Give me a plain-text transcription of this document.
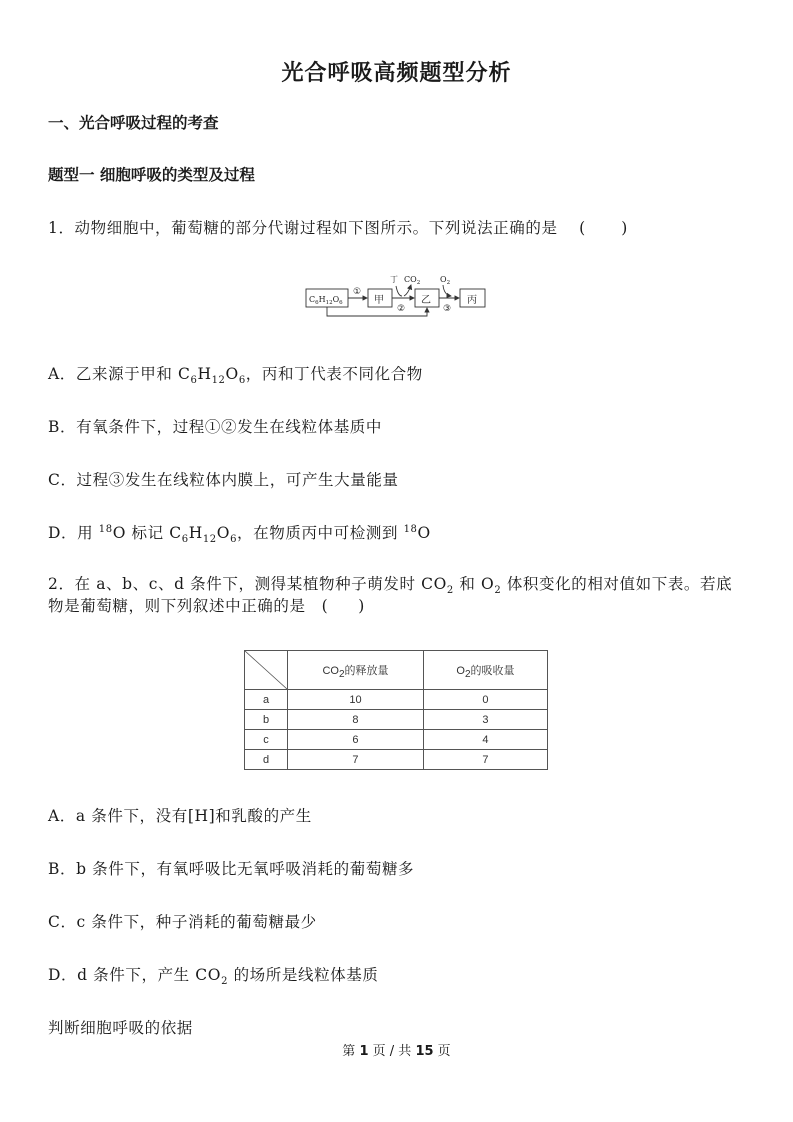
光合呼吸高频题型分析
一、光合呼吸过程的考查
题型一 细胞呼吸的类型及过程
1．动物细胞中，葡萄糖的部分代谢过程如下图所示。下列说法正确的是 ( )
$C_6H_{12}O_6$	甲	乙	丙
①
②	③
丁 $CO_2$ $O_2$
A．乙来源于甲和 $C_6H_{12}O_6$，丙和丁代表不同化合物
B．有氧条件下，过程①②发生在线粒体基质中
C．过程③发生在线粒体内膜上，可产生大量能量
D．用 $^{18}$O 标记 $C_6H_{12}O_6$，在物质丙中可检测到 $^{18}$O
2．在 a、b、c、d 条件下，测得某植物种子萌发时 $CO_2$ 和 $O_2$ 体积变化的相对值如下表。若底物是葡萄糖，则下列叙述中正确的是 ( )
	$CO_2$的释放量	$O_2$的吸收量
a	10	0
b	8	3
c	6	4
d	7	7
A．a 条件下，没有[H]和乳酸的产生
B．b 条件下，有氧呼吸比无氧呼吸消耗的葡萄糖多
C．c 条件下，种子消耗的葡萄糖最少
D．d 条件下，产生 $CO_2$ 的场所是线粒体基质
判断细胞呼吸的依据
第 1 页 / 共 15 页
